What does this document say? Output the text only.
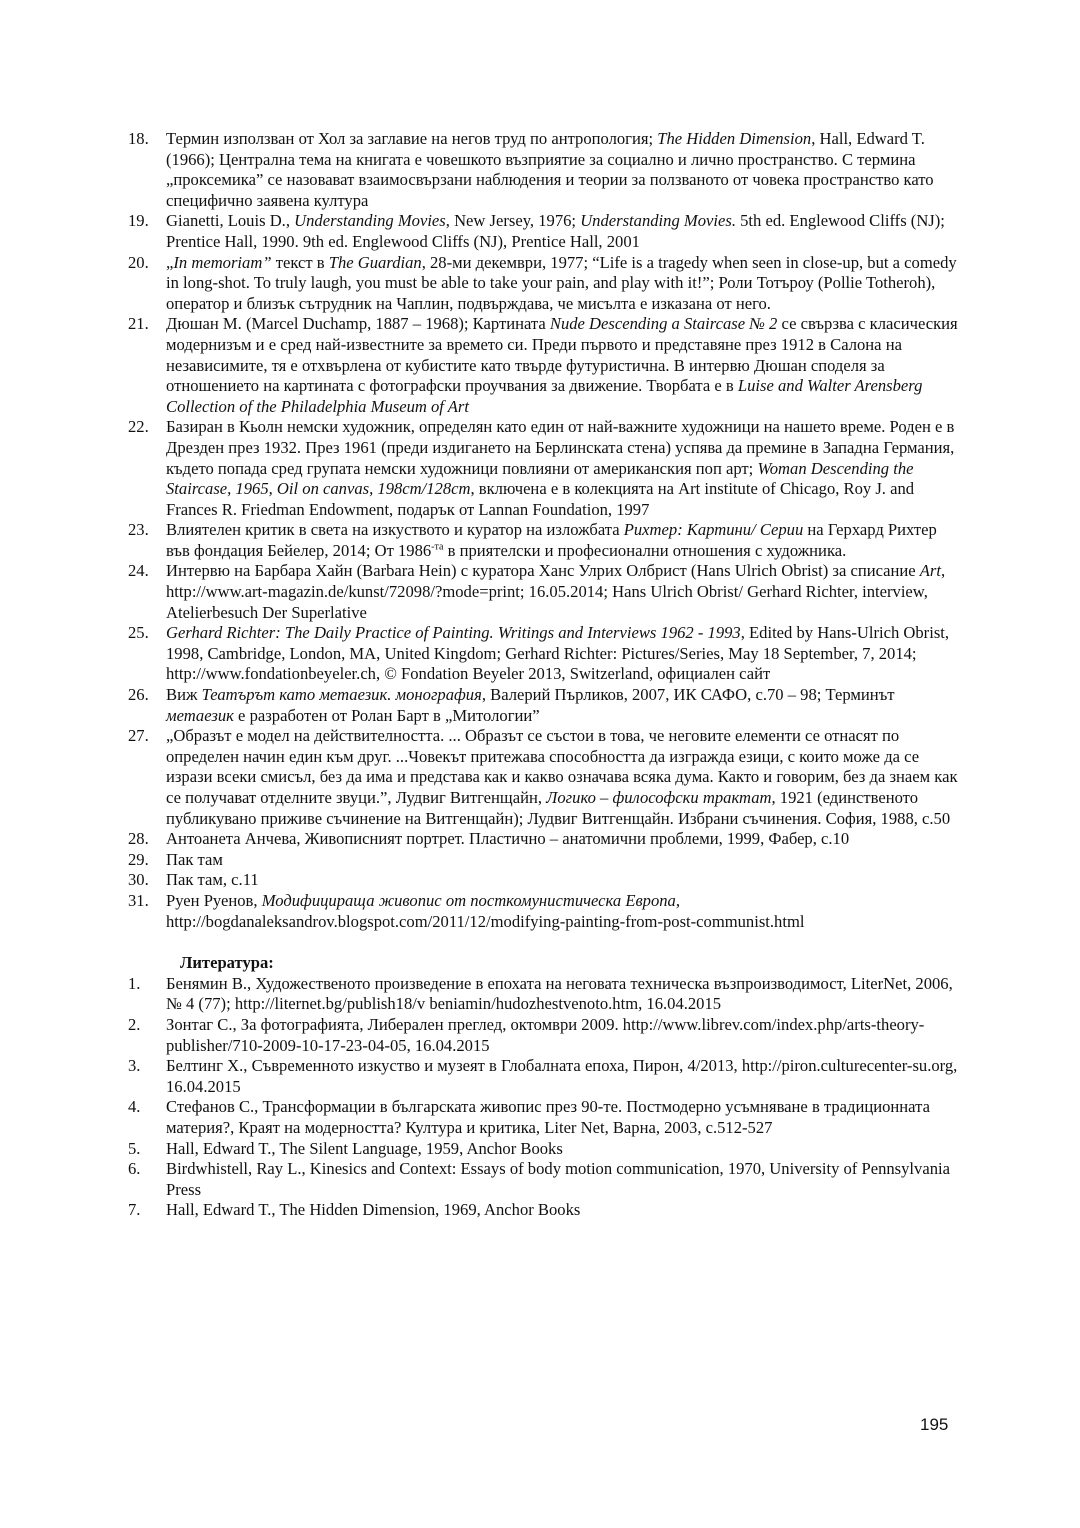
18.	Термин използван от Хол за заглавие на негов труд по антропология; The Hidden Dimension, Hall, Edward T. (1966); Централна тема на книгата е човешкото възприятие за социално и лично пространство. С термина „проксемика” се назовават взаимосвързани наблюдения и теории за ползваното от човека пространство като специфично заявена култура
19.	Gianetti, Louis D., Understanding Movies, New Jersey, 1976; Understanding Movies. 5th ed. Englewood Cliffs (NJ); Prentice Hall, 1990. 9th ed. Englewood Cliffs (NJ), Prentice Hall, 2001
20.	„In memoriam” текст в The Guardian, 28-ми декември, 1977; “Life is a tragedy when seen in close-up, but a comedy in long-shot. To truly laugh, you must be able to take your pain, and play with it!”; Роли Тотъроу (Pollie Totheroh), оператор и близък сътрудник на Чаплин, подвърждава, че мисълта е изказана от него.
21.	Дюшан М. (Marcel Duchamp, 1887 – 1968); Картината Nude Descending a Staircase № 2 се свързва с класическия модернизъм и е сред най-известните за времето си. Преди първото и представяне през 1912 в Салона на независимите, тя е отхвърлена от кубистите като твърде футуристична. В интервю Дюшан споделя за отношението на картината с фотографски проучвания за движение. Творбата е в Luise and Walter Arensberg Collection of the Philadelphia Museum of Art
22.	Базиран в Кьолн немски художник, определян като един от най-важните художници на нашето време. Роден е в Дрезден през 1932. През 1961 (преди издигането на Берлинската стена) успява да премине в Западна Германия, където попада сред групата немски художници повлияни от американския поп арт; Woman Descending the Staircase, 1965, Oil on canvas, 198cm/128cm, включена е в колекцията на Art institute of Chicago, Roy J. and Frances R. Friedman Endowment, подарък от Lannan Foundation, 1997
23.	Влиятелен критик в света на изкуството и куратор на изложбата Рихтер: Картини/ Серии на Герхард Рихтер във фондация Бейелер, 2014; От $1986^{-та}$ в приятелски и професионални отношения с художника.
24.	Интервю на Барбара Хайн (Barbara Hein) с куратора Ханс Улрих Олбрист (Hans Ulrich Obrist) за списание Art, http://www.art-magazin.de/kunst/72098/?mode=print; 16.05.2014; Hans Ulrich Obrist/ Gerhard Richter, interview, Atelierbesuch Der Superlative
25.	Gerhard Richter: The Daily Practice of Painting. Writings and Interviews 1962 - 1993, Edited by Hans-Ulrich Obrist, 1998, Cambridge, London, MA, United Kingdom; Gerhard Richter: Pictures/Series, May 18 September, 7, 2014; http://www.fondationbeyeler.ch, © Fondation Beyeler 2013, Switzerland, официален сайт
26.	Виж Театърът като метаезик. монография, Валерий Пърликов, 2007, ИК САФО, с.70 – 98; Терминът метаезик е разработен от Ролан Барт в „Митологии”
27.	„Образът е модел на действителността. ... Образът се състои в това, че неговите елементи се отнасят по определен начин един към друг. ...Човекът притежава способността да изгражда езици, с които може да се изрази всеки смисъл, без да има и представа как и какво означава всяка дума. Както и говорим, без да знаем как се получават отделните звуци.”, Лудвиг Витгенщайн, Логико – философски трактат, 1921 (единственото публикувано приживе съчинение на Витгенщайн); Лудвиг Витгенщайн. Избрани съчинения. София, 1988, с.50
28.	Антоанета Анчева, Живописният портрет. Пластично – анатомични проблеми, 1999, Фабер, с.10
29.	Пак там
30.	Пак там, с.11
31.	Руен Руенов, Модифицираща живопис от посткомунистическа Европа, http://bogdanaleksandrov.blogspot.com/2011/12/modifying-painting-from-post-communist.html
Литература:
1.	Бенямин В., Художественото произведение в епохата на неговата техническа възпроизводимост, LiterNet, 2006, № 4 (77); http://liternet.bg/publish18/v beniamin/hudozhestvenoto.htm, 16.04.2015
2.	Зонтаг С., За фотографията, Либерален преглед, октомври 2009. http://www.librev.com/index.php/arts-theory-publisher/710-2009-10-17-23-04-05, 16.04.2015
3.	Белтинг Х., Съвременното изкуство и музеят в Глобалната епоха, Пирон, 4/2013, http://piron.culturecenter-su.org, 16.04.2015
4.	Стефанов С., Трансформации в българската живопис през 90-те. Постмодерно усъмняване в традиционната материя?, Краят на модерността? Култура и критика, Liter Net, Варна, 2003, с.512-527
5.	Hall, Edward T., The Silent Language, 1959, Anchor Books
6.	Birdwhistell, Ray L., Kinesics and Context: Essays of body motion communication, 1970, University of Pennsylvania Press
7.	Hall, Edward T., The Hidden Dimension, 1969, Anchor Books
195
